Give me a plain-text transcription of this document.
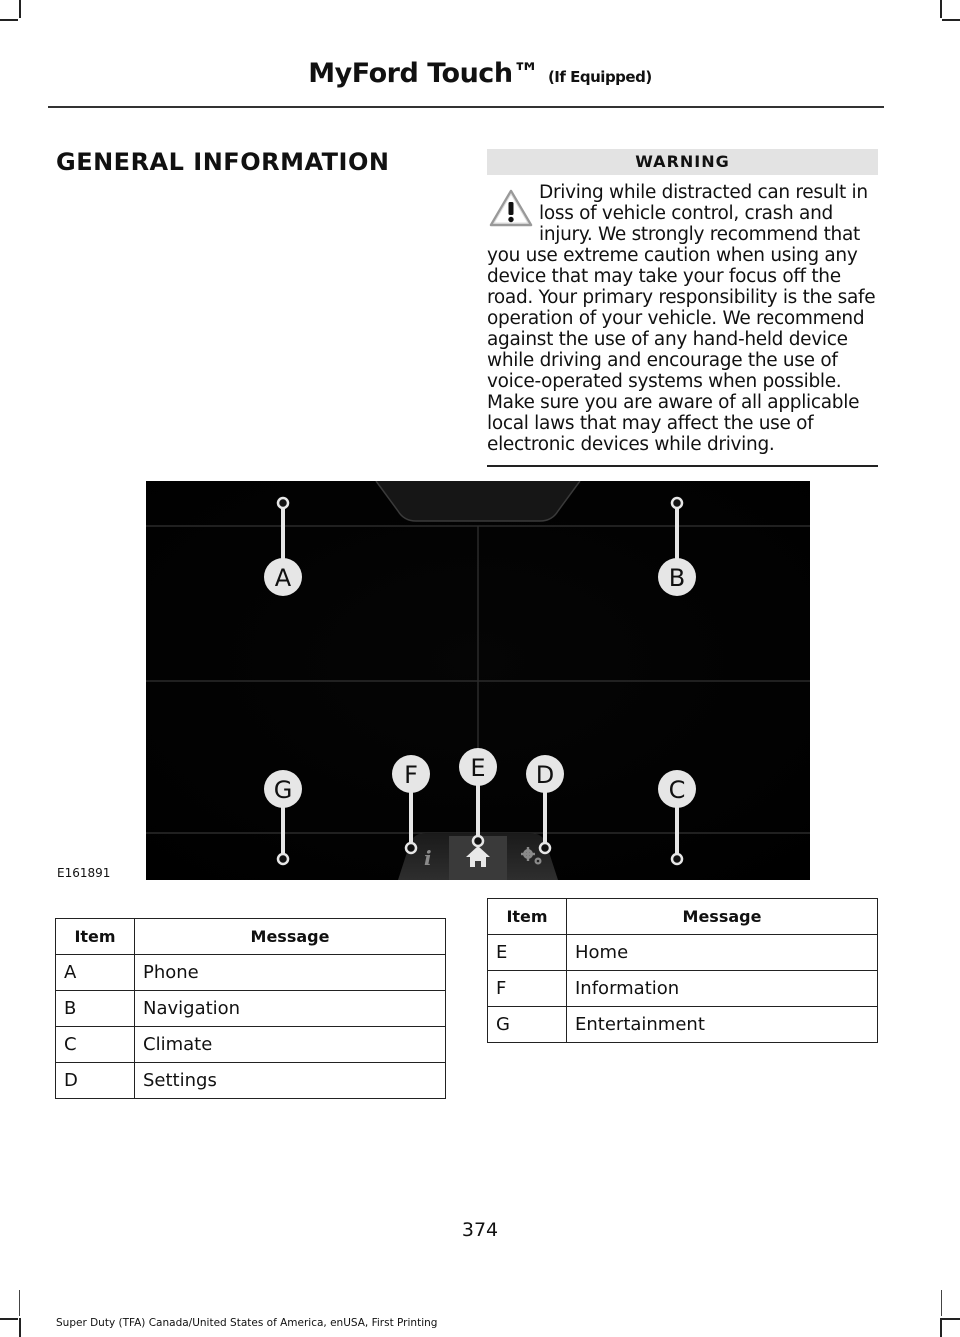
MyFord Touch™ (If Equipped)
GENERAL INFORMATION	WARNING

Driving while distracted can result in loss of vehicle control, crash and injury. We strongly recommend that you use extreme caution when using any device that may take your focus off the road. Your primary responsibility is the safe operation of your vehicle. We recommend against the use of any hand-held device while driving and encourage the use of voice-operated systems when possible. Make sure you are aware of all applicable local laws that may affect the use of electronic devices while driving.

i
A	B
C
D
E
F
G
E161891
Item	Message
A	Phone
B	Navigation
C	Climate
D	Settings
Item	Message
E	Home
F	Information
G	Entertainment
374
Super Duty (TFA) Canada/United States of America, enUSA, First Printing
